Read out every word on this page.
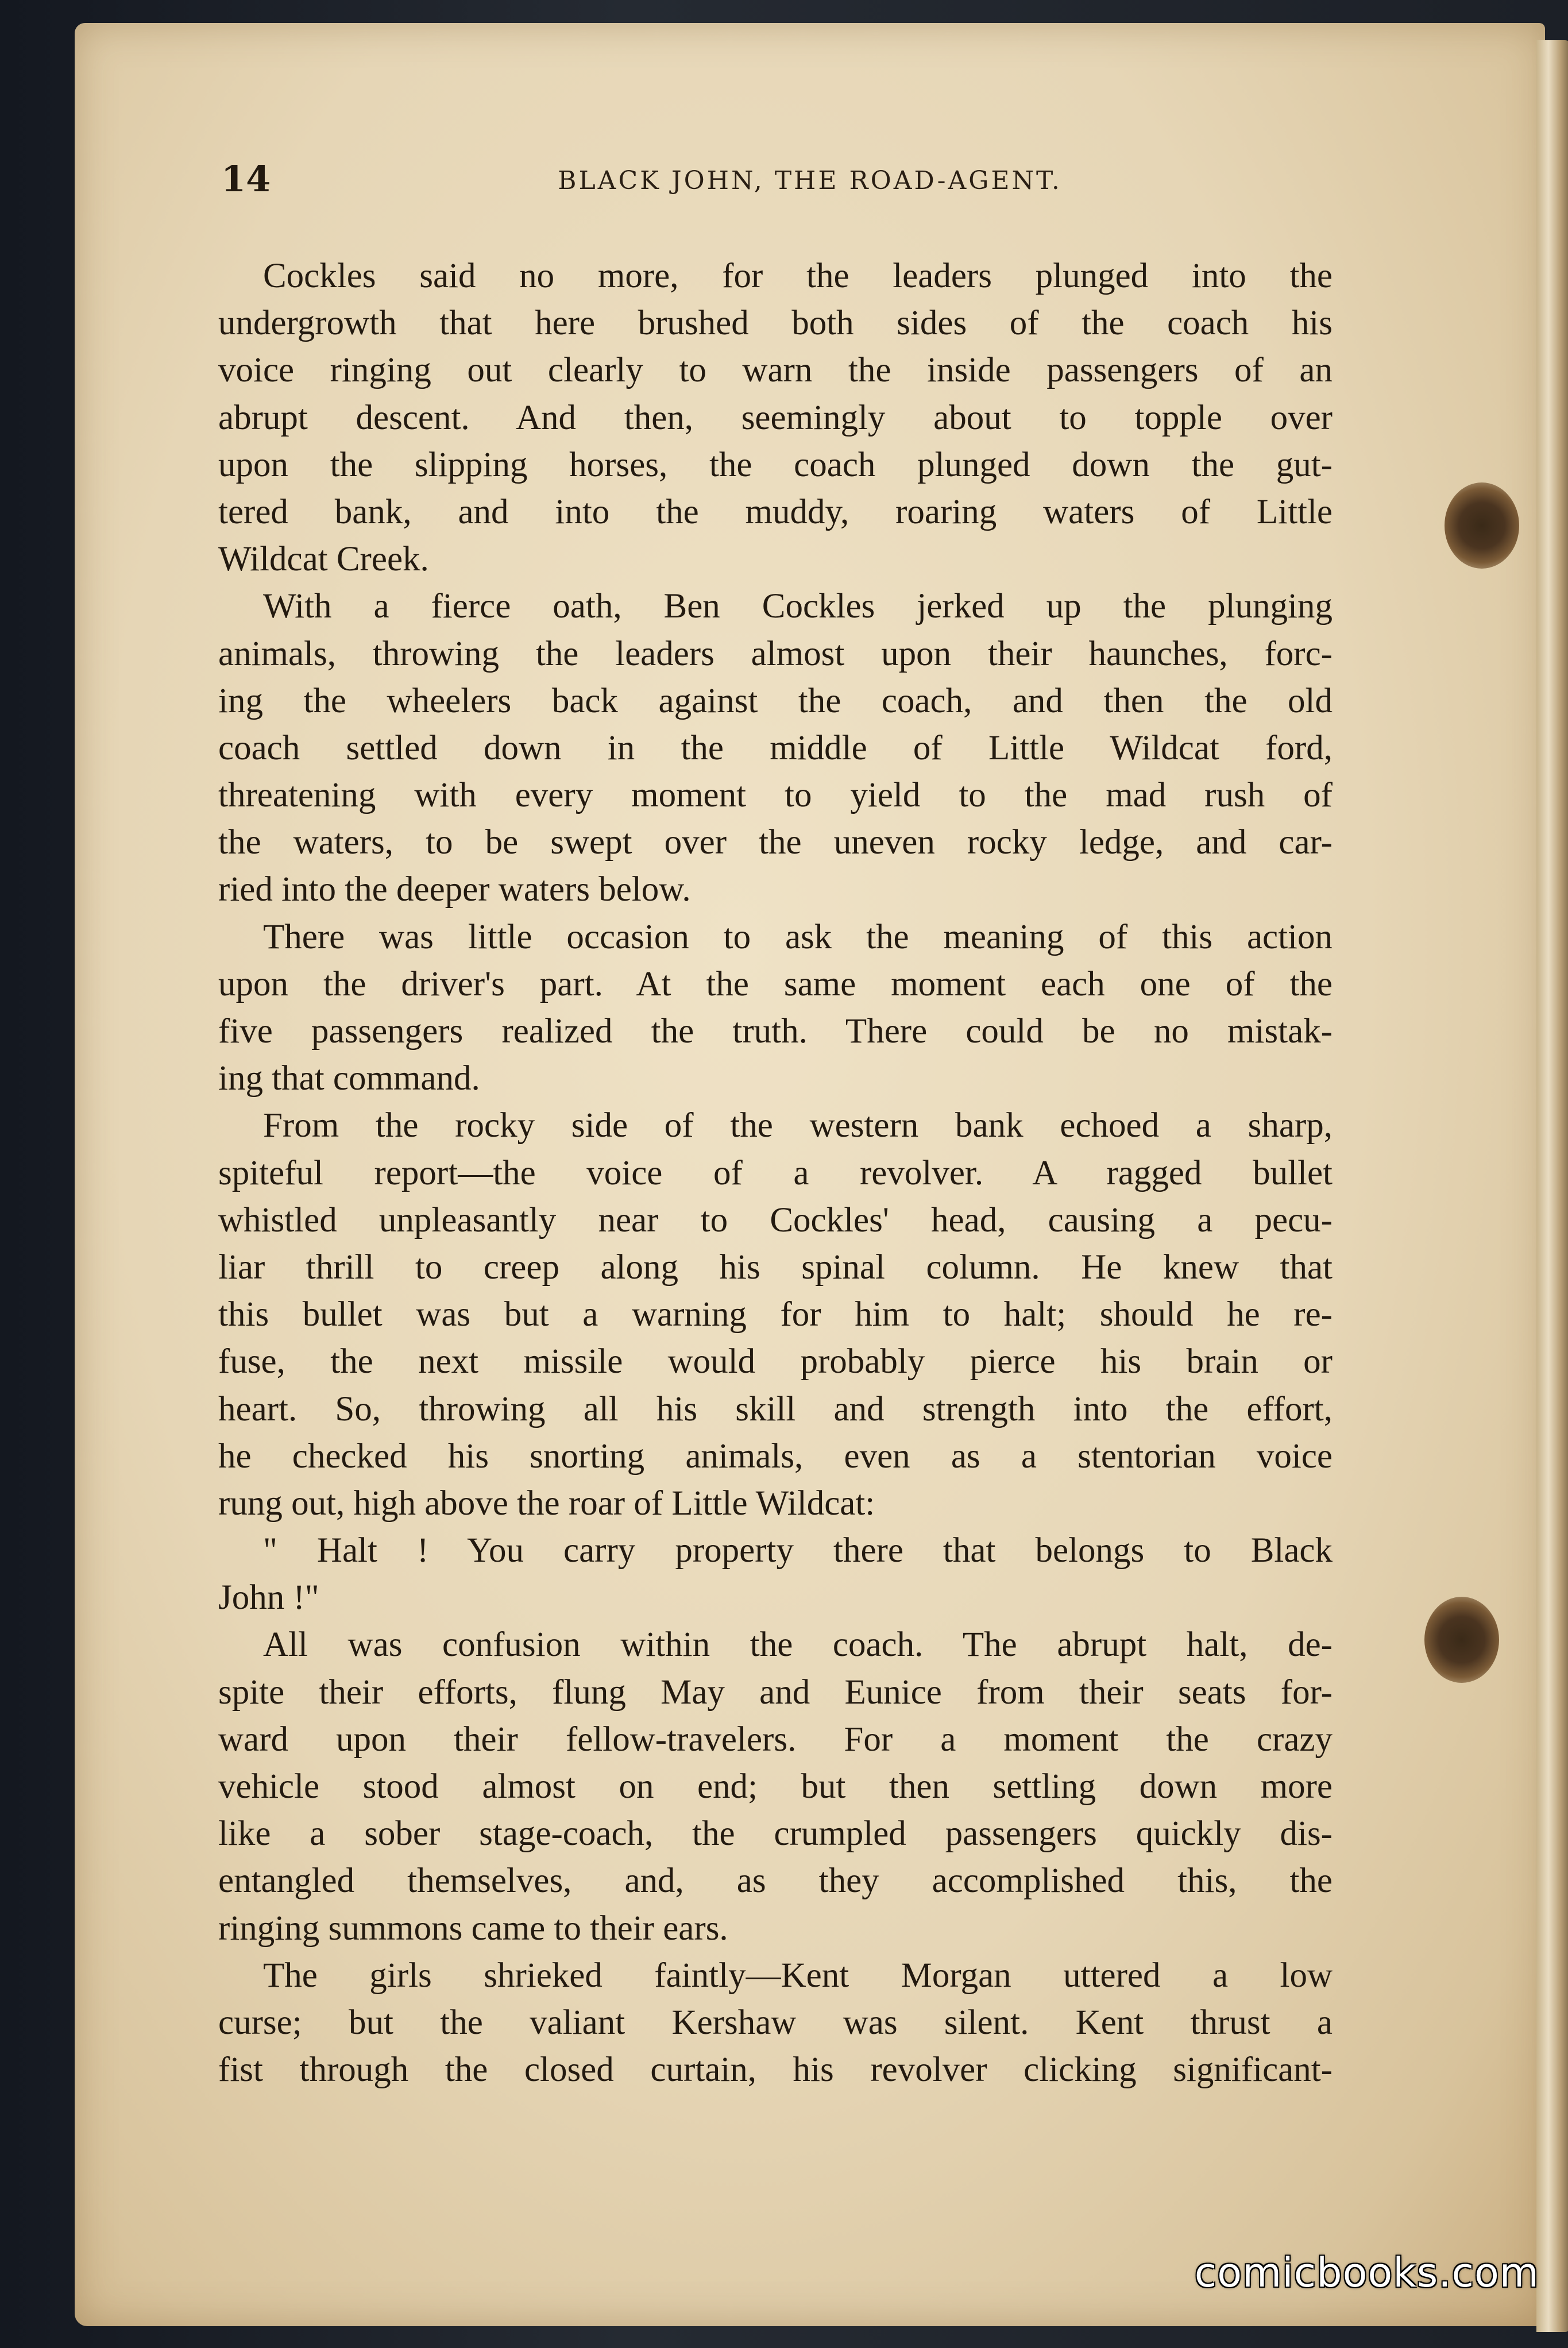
14	BLACK JOHN, THE ROAD-AGENT.
Cockles said no more, for the leaders plunged into the
undergrowth that here brushed both sides of the coach his
voice ringing out clearly to warn the inside passengers of an
abrupt descent. And then, seemingly about to topple over
upon the slipping horses, the coach plunged down the gut-
tered bank, and into the muddy, roaring waters of Little
Wildcat Creek.
With a fierce oath, Ben Cockles jerked up the plunging
animals, throwing the leaders almost upon their haunches, forc-
ing the wheelers back against the coach, and then the old
coach settled down in the middle of Little Wildcat ford,
threatening with every moment to yield to the mad rush of
the waters, to be swept over the uneven rocky ledge, and car-
ried into the deeper waters below.
There was little occasion to ask the meaning of this action
upon the driver's part. At the same moment each one of the
five passengers realized the truth. There could be no mistak-
ing that command.
From the rocky side of the western bank echoed a sharp,
spiteful report—the voice of a revolver. A ragged bullet
whistled unpleasantly near to Cockles' head, causing a pecu-
liar thrill to creep along his spinal column. He knew that
this bullet was but a warning for him to halt; should he re-
fuse, the next missile would probably pierce his brain or
heart. So, throwing all his skill and strength into the effort,
he checked his snorting animals, even as a stentorian voice
rung out, high above the roar of Little Wildcat:
" Halt ! You carry property there that belongs to Black
John !"
All was confusion within the coach. The abrupt halt, de-
spite their efforts, flung May and Eunice from their seats for-
ward upon their fellow-travelers. For a moment the crazy
vehicle stood almost on end; but then settling down more
like a sober stage-coach, the crumpled passengers quickly dis-
entangled themselves, and, as they accomplished this, the
ringing summons came to their ears.
The girls shrieked faintly—Kent Morgan uttered a low
curse; but the valiant Kershaw was silent. Kent thrust a
fist through the closed curtain, his revolver clicking significant-
comicbooks.com
